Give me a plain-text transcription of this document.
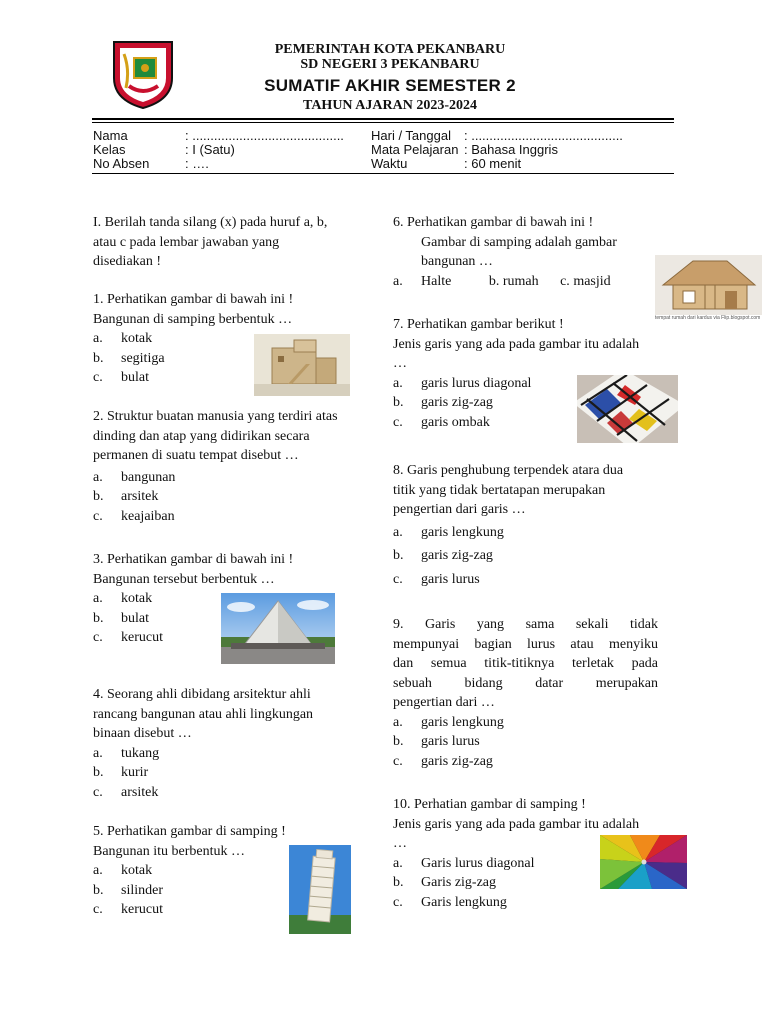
PEMERINTAH KOTA PEKANBARU
SD NEGERI 3 PEKANBARU
SUMATIF AKHIR SEMESTER 2
TAHUN AJARAN 2023-2024
Nama	: ..........................................
Kelas	: I (Satu)
No Absen	: ….
Hari / Tanggal : ..........................................
Mata Pelajaran : Bahasa Inggris
Waktu	: 60 menit
I. Berilah tanda silang (x) pada huruf a, b,
atau c pada lembar jawaban yang
disediakan !
1. Perhatikan gambar di bawah ini !
Bangunan di samping berbentuk …
a. kotak
b. segitiga
c. bulat
2. Struktur buatan manusia yang terdiri atas
dinding dan atap yang didirikan secara
permanen di suatu tempat disebut …
a. bangunan
b. arsitek
c. keajaiban
3. Perhatikan gambar di bawah ini !
Bangunan tersebut berbentuk …
a. kotak
b. bulat
c. kerucut
4. Seorang ahli dibidang arsitektur ahli
rancang bangunan atau ahli lingkungan
binaan disebut …
a. tukang
b. kurir
c. arsitek
5. Perhatikan gambar di samping !
Bangunan itu berbentuk …
a. kotak
b. silinder
c. kerucut
6. Perhatikan gambar di bawah ini !
Gambar di samping adalah gambar
bangunan …
a. Halte	b. rumah c. masjid
tempat rumah dari kardus via Flip.blogspot.com
7. Perhatikan gambar berikut !
Jenis garis yang ada pada gambar itu adalah
…
a. garis lurus diagonal
b. garis zig-zag
c. garis ombak
8. Garis penghubung terpendek atara dua
titik yang tidak bertatapan merupakan
pengertian dari garis …
a. garis lengkung
b. garis zig-zag
c. garis lurus
9. Garis yang sama sekali tidak
mempunyai bagian lurus atau menyiku
dan semua titik-titiknya terletak pada
sebuah bidang datar merupakan
pengertian dari …
a. garis lengkung
b. garis lurus
c. garis zig-zag
10. Perhatian gambar di samping !
Jenis garis yang ada pada gambar itu adalah
…
a. Garis lurus diagonal
b. Garis zig-zag
c. Garis lengkung
